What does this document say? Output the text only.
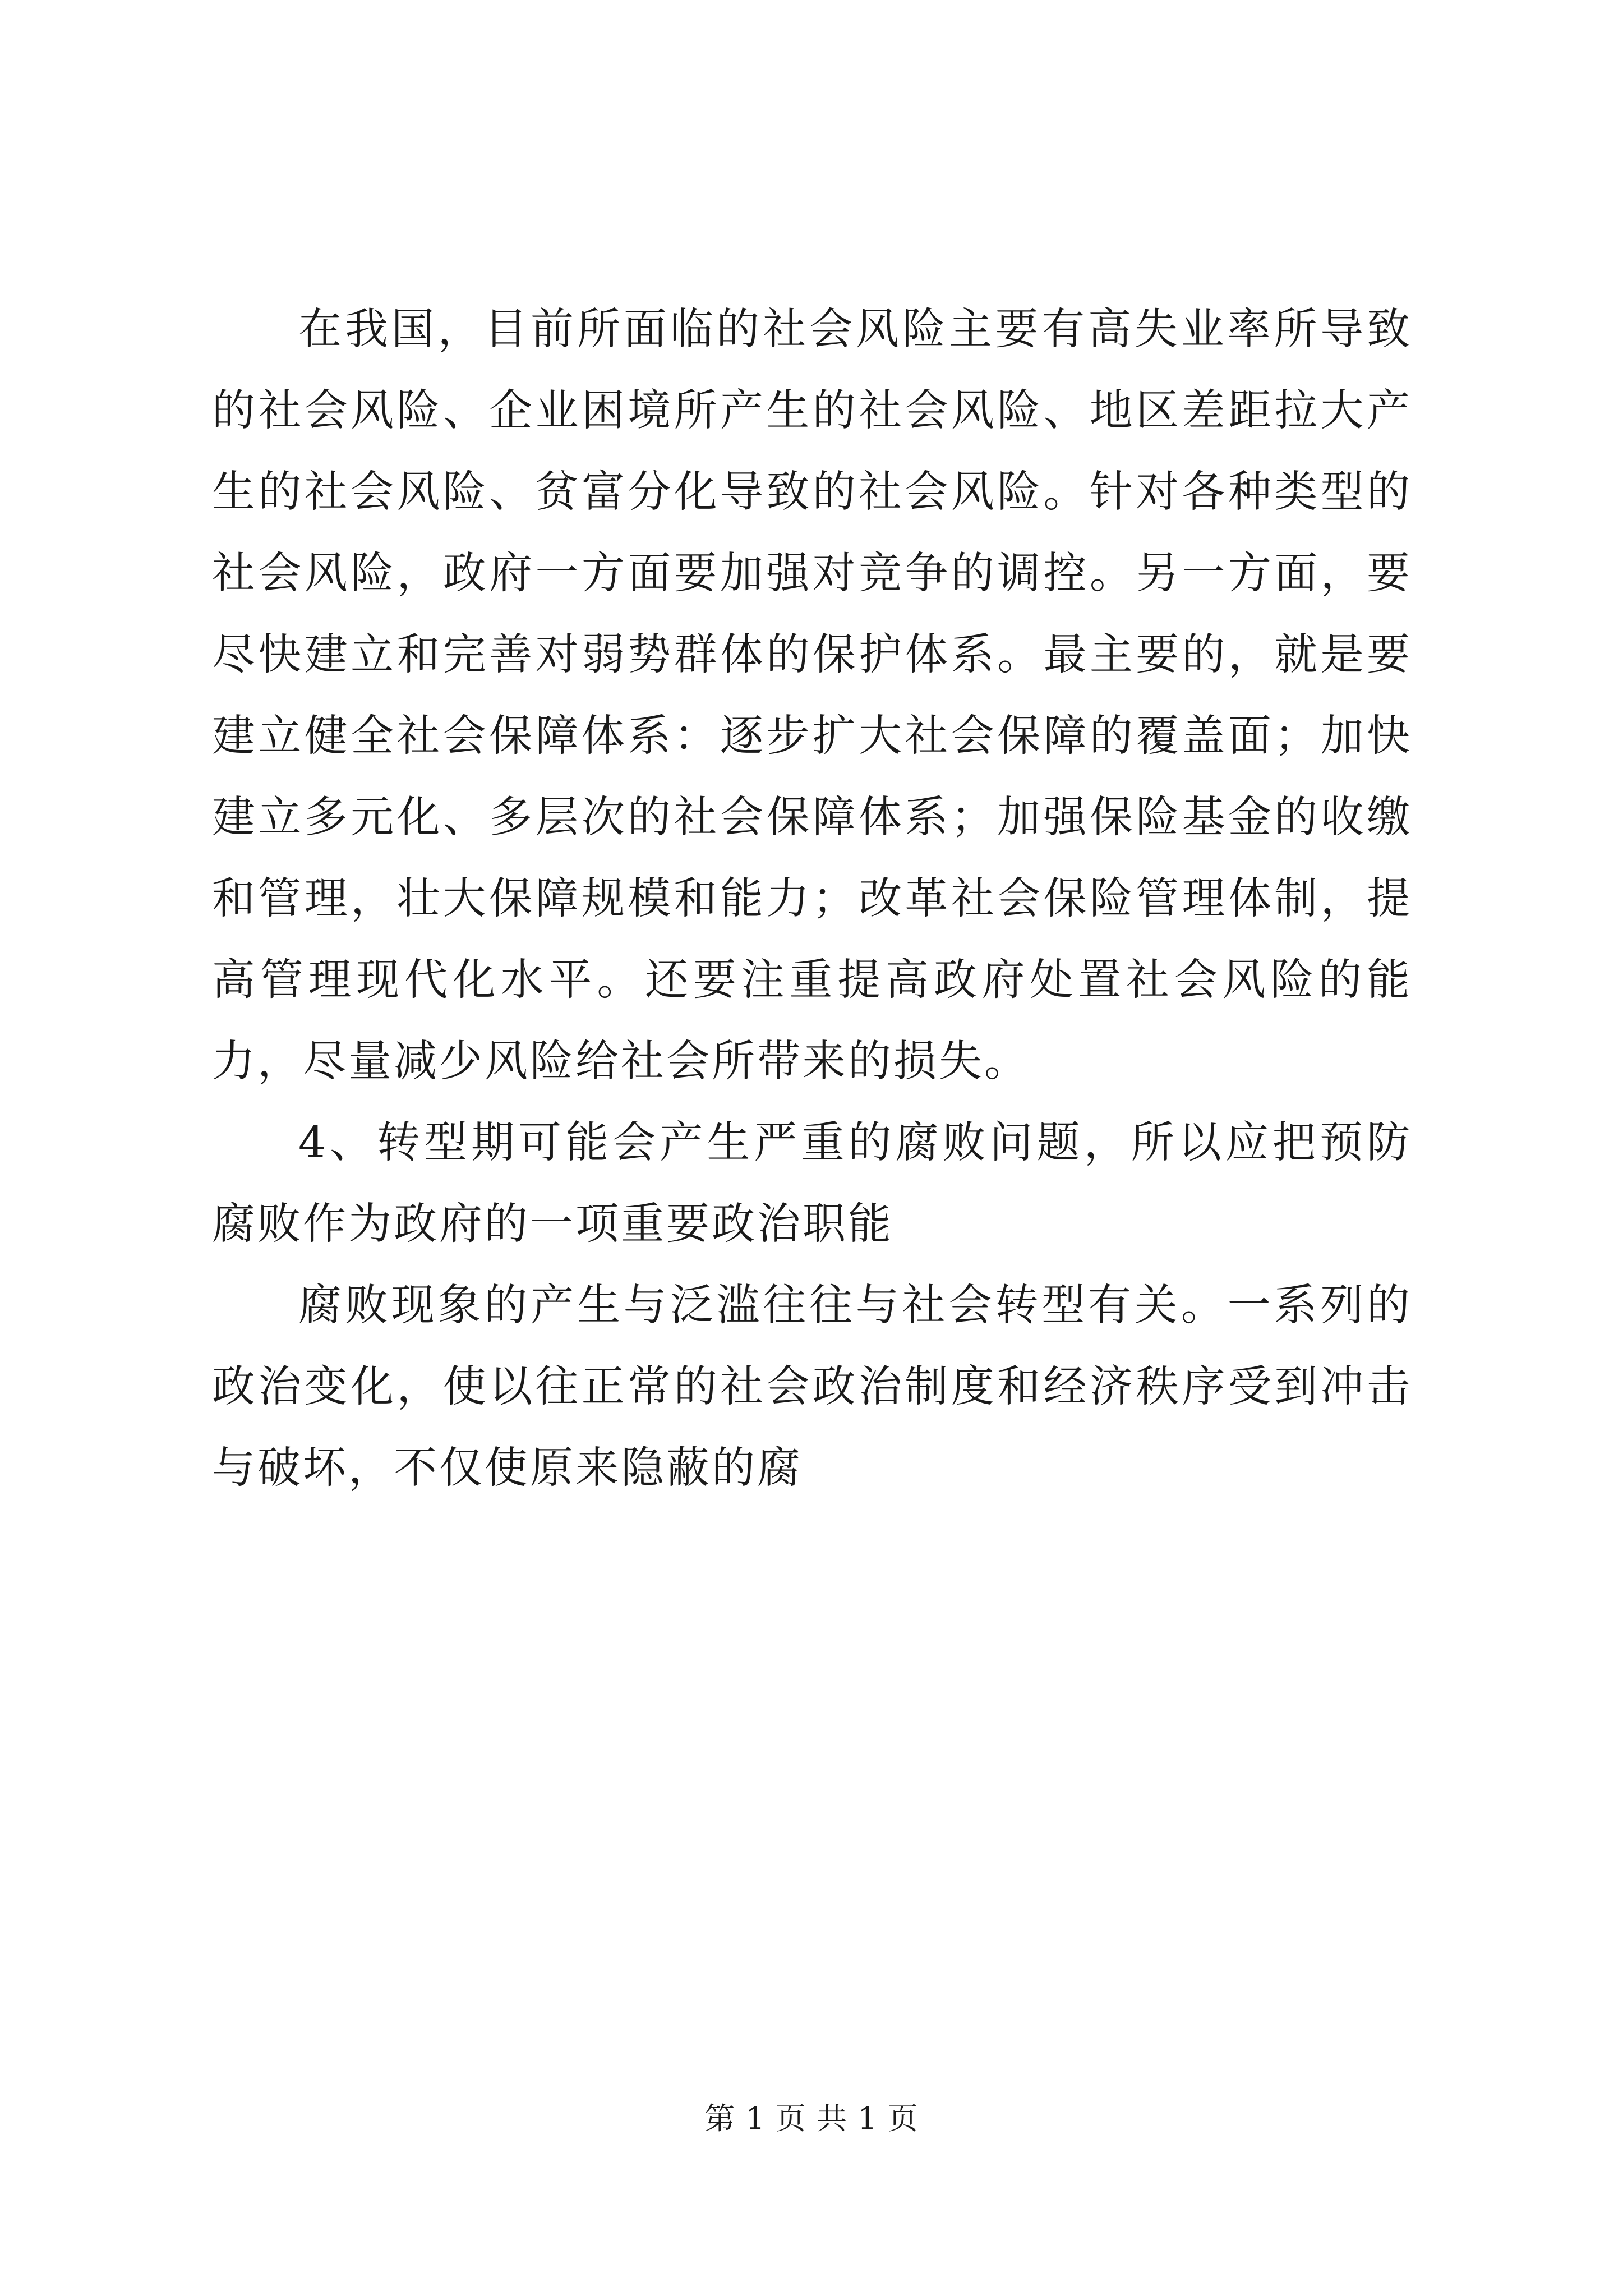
在我国，目前所面临的社会风险主要有高失业率所导致的社会风险、企业困境所产生的社会风险、地区差距拉大产生的社会风险、贫富分化导致的社会风险。针对各种类型的社会风险，政府一方面要加强对竞争的调控。另一方面，要尽快建立和完善对弱势群体的保护体系。最主要的，就是要建立健全社会保障体系：逐步扩大社会保障的覆盖面；加快建立多元化、多层次的社会保障体系；加强保险基金的收缴和管理，壮大保障规模和能力；改革社会保险管理体制，提高管理现代化水平。还要注重提高政府处置社会风险的能力，尽量减少风险给社会所带来的损失。

4、转型期可能会产生严重的腐败问题，所以应把预防腐败作为政府的一项重要政治职能

腐败现象的产生与泛滥往往与社会转型有关。一系列的政治变化，使以往正常的社会政治制度和经济秩序受到冲击与破坏，不仅使原来隐蔽的腐

第 1 页 共 1 页
